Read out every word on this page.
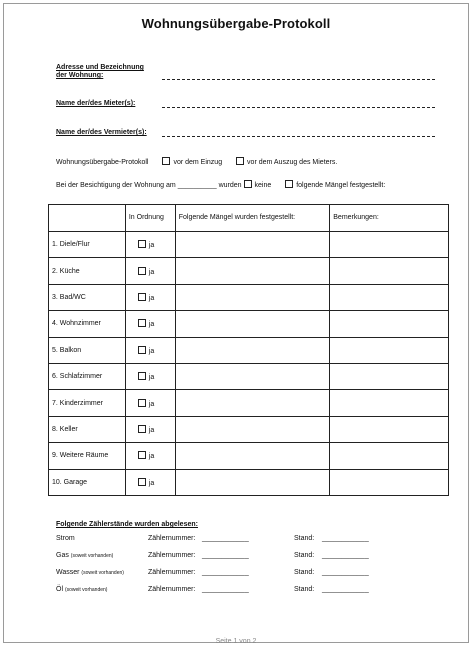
Wohnungsübergabe-Protokoll
Adresse und Bezeichnung
der Wohnung:
Name der/des Mieter(s):
Name der/des Vermieter(s):
Wohnungsübergabe-Protokoll	vor dem Einzug	vor dem Auszug des Mieters.
Bei der Besichtigung der Wohnung am __________ wurden keine	folgende Mängel festgestellt:
	In Ordnung	Folgende Mängel wurden festgestellt:	Bemerkungen:
1. Diele/Flur	ja		
2. Küche	ja		
3. Bad/WC	ja		
4. Wohnzimmer	ja		
5. Balkon	ja		
6. Schlafzimmer	ja		
7. Kinderzimmer	ja		
8. Keller	ja		
9. Weitere Räume	ja		
10. Garage	ja		
Folgende Zählerstände wurden abgelesen:
Strom	Zählernummer: ____________	Stand: ____________
Gas (soweit vorhanden)	Zählernummer: ____________	Stand: ____________
Wasser (soweit vorhanden)	Zählernummer: ____________	Stand: ____________
Öl (soweit vorhanden)	Zählernummer: ____________	Stand: ____________
Seite 1 von 2
